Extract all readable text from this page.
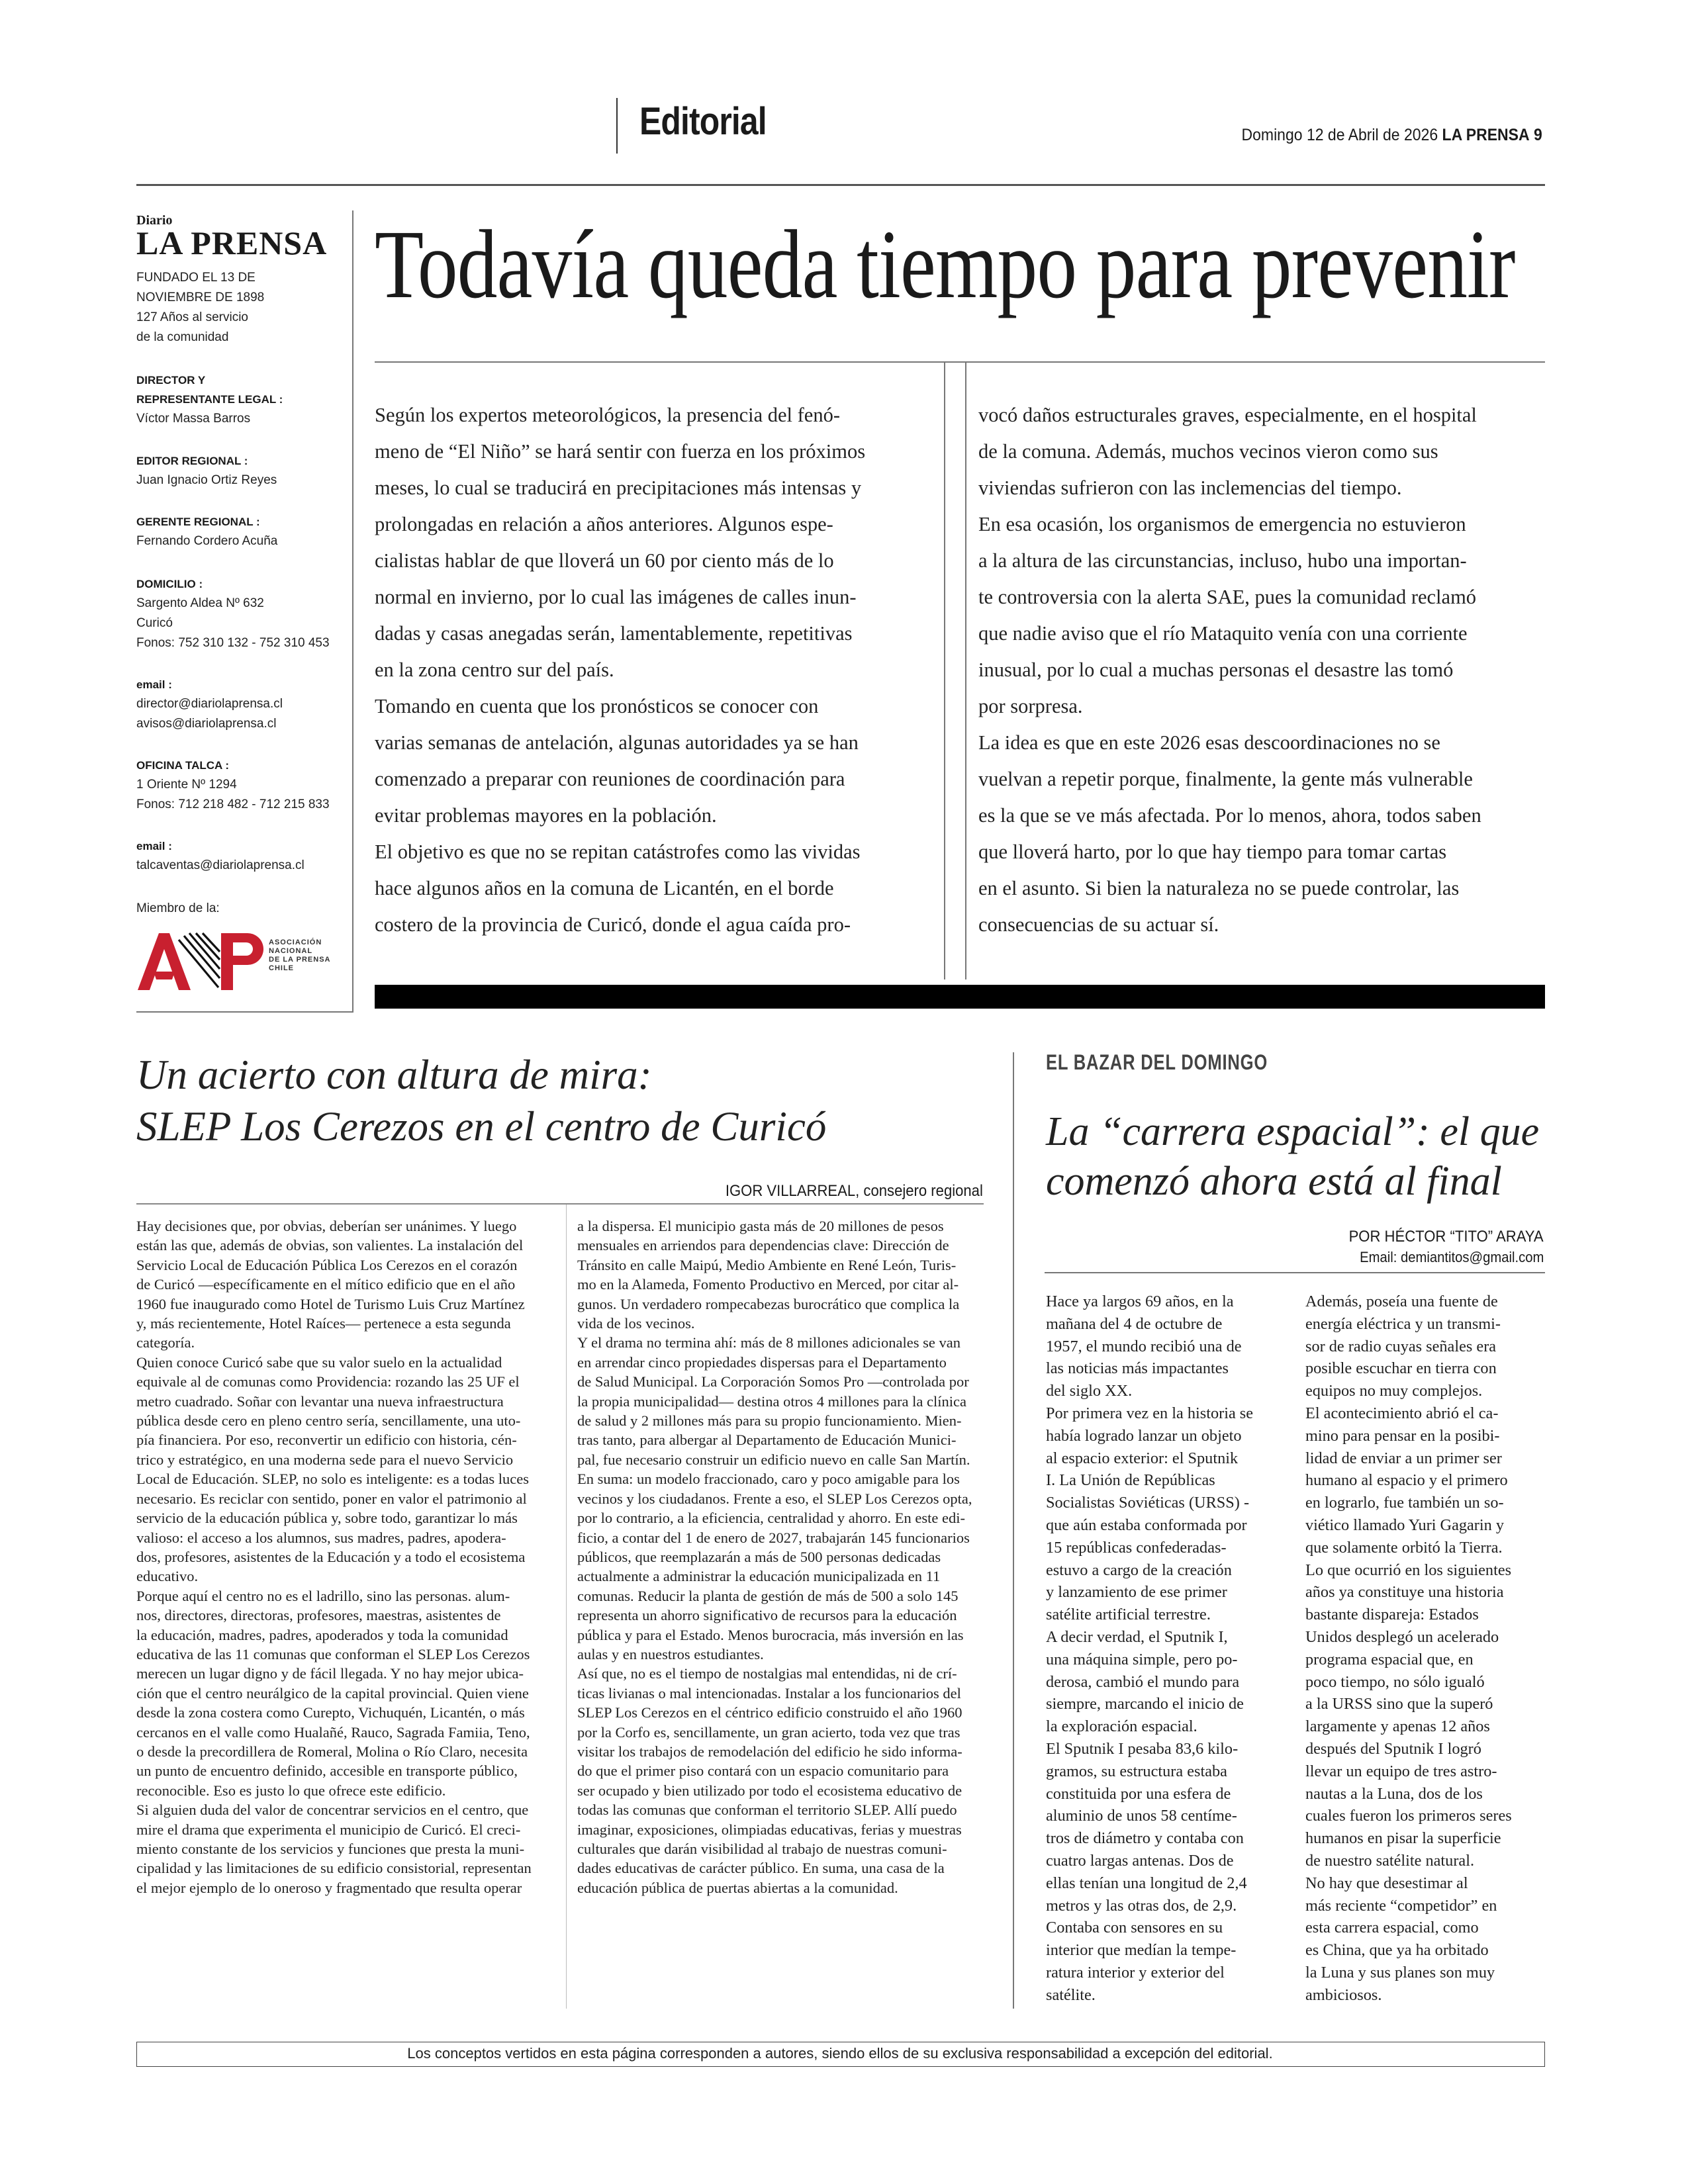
Editorial	Domingo 12 de Abril de 2026 LA PRENSA 9
Diario
LA PRENSA
FUNDADO EL 13 DE
NOVIEMBRE DE 1898
127 Años al servicio
de la comunidad
DIRECTOR Y
REPRESENTANTE LEGAL :
Víctor Massa Barros
EDITOR REGIONAL :
Juan Ignacio Ortiz Reyes
GERENTE REGIONAL :
Fernando Cordero Acuña
DOMICILIO :
Sargento Aldea Nº 632
Curicó
Fonos: 752 310 132 - 752 310 453
email :
director@diariolaprensa.cl
avisos@diariolaprensa.cl
OFICINA TALCA :
1 Oriente Nº 1294
Fonos: 712 218 482 - 712 215 833
email :
talcaventas@diariolaprensa.cl
Miembro de la:
ASOCIACIÓN
NACIONAL
DE LA PRENSA
CHILE
Todavía queda tiempo para prevenir
Según los expertos meteorológicos, la presencia del fenó-
meno de “El Niño” se hará sentir con fuerza en los próximos
meses, lo cual se traducirá en precipitaciones más intensas y
prolongadas en relación a años anteriores. Algunos espe-
cialistas hablar de que lloverá un 60 por ciento más de lo
normal en invierno, por lo cual las imágenes de calles inun-
dadas y casas anegadas serán, lamentablemente, repetitivas
en la zona centro sur del país.
Tomando en cuenta que los pronósticos se conocer con
varias semanas de antelación, algunas autoridades ya se han
comenzado a preparar con reuniones de coordinación para
evitar problemas mayores en la población.
El objetivo es que no se repitan catástrofes como las vividas
hace algunos años en la comuna de Licantén, en el borde
costero de la provincia de Curicó, donde el agua caída pro-
vocó daños estructurales graves, especialmente, en el hospital
de la comuna. Además, muchos vecinos vieron como sus
viviendas sufrieron con las inclemencias del tiempo.
En esa ocasión, los organismos de emergencia no estuvieron
a la altura de las circunstancias, incluso, hubo una importan-
te controversia con la alerta SAE, pues la comunidad reclamó
que nadie aviso que el río Mataquito venía con una corriente
inusual, por lo cual a muchas personas el desastre las tomó
por sorpresa.
La idea es que en este 2026 esas descoordinaciones no se
vuelvan a repetir porque, finalmente, la gente más vulnerable
es la que se ve más afectada. Por lo menos, ahora, todos saben
que lloverá harto, por lo que hay tiempo para tomar cartas
en el asunto. Si bien la naturaleza no se puede controlar, las
consecuencias de su actuar sí.
Un acierto con altura de mira:
SLEP Los Cerezos en el centro de Curicó
IGOR VILLARREAL, consejero regional
Hay decisiones que, por obvias, deberían ser unánimes. Y luego
están las que, además de obvias, son valientes. La instalación del
Servicio Local de Educación Pública Los Cerezos en el corazón
de Curicó —específicamente en el mítico edificio que en el año
1960 fue inaugurado como Hotel de Turismo Luis Cruz Martínez
y, más recientemente, Hotel Raíces— pertenece a esta segunda
categoría.
Quien conoce Curicó sabe que su valor suelo en la actualidad
equivale al de comunas como Providencia: rozando las 25 UF el
metro cuadrado. Soñar con levantar una nueva infraestructura
pública desde cero en pleno centro sería, sencillamente, una uto-
pía financiera. Por eso, reconvertir un edificio con historia, cén-
trico y estratégico, en una moderna sede para el nuevo Servicio
Local de Educación. SLEP, no solo es inteligente: es a todas luces
necesario. Es reciclar con sentido, poner en valor el patrimonio al
servicio de la educación pública y, sobre todo, garantizar lo más
valioso: el acceso a los alumnos, sus madres, padres, apodera-
dos, profesores, asistentes de la Educación y a todo el ecosistema
educativo.
Porque aquí el centro no es el ladrillo, sino las personas. alum-
nos, directores, directoras, profesores, maestras, asistentes de
la educación, madres, padres, apoderados y toda la comunidad
educativa de las 11 comunas que conforman el SLEP Los Cerezos
merecen un lugar digno y de fácil llegada. Y no hay mejor ubica-
ción que el centro neurálgico de la capital provincial. Quien viene
desde la zona costera como Curepto, Vichuquén, Licantén, o más
cercanos en el valle como Hualañé, Rauco, Sagrada Famiia, Teno,
o desde la precordillera de Romeral, Molina o Río Claro, necesita
un punto de encuentro definido, accesible en transporte público,
reconocible. Eso es justo lo que ofrece este edificio.
Si alguien duda del valor de concentrar servicios en el centro, que
mire el drama que experimenta el municipio de Curicó. El creci-
miento constante de los servicios y funciones que presta la muni-
cipalidad y las limitaciones de su edificio consistorial, representan
el mejor ejemplo de lo oneroso y fragmentado que resulta operar
a la dispersa. El municipio gasta más de 20 millones de pesos
mensuales en arriendos para dependencias clave: Dirección de
Tránsito en calle Maipú, Medio Ambiente en René León, Turis-
mo en la Alameda, Fomento Productivo en Merced, por citar al-
gunos. Un verdadero rompecabezas burocrático que complica la
vida de los vecinos.
Y el drama no termina ahí: más de 8 millones adicionales se van
en arrendar cinco propiedades dispersas para el Departamento
de Salud Municipal. La Corporación Somos Pro —controlada por
la propia municipalidad— destina otros 4 millones para la clínica
de salud y 2 millones más para su propio funcionamiento. Mien-
tras tanto, para albergar al Departamento de Educación Munici-
pal, fue necesario construir un edificio nuevo en calle San Martín.
En suma: un modelo fraccionado, caro y poco amigable para los
vecinos y los ciudadanos. Frente a eso, el SLEP Los Cerezos opta,
por lo contrario, a la eficiencia, centralidad y ahorro. En este edi-
ficio, a contar del 1 de enero de 2027, trabajarán 145 funcionarios
públicos, que reemplazarán a más de 500 personas dedicadas
actualmente a administrar la educación municipalizada en 11
comunas. Reducir la planta de gestión de más de 500 a solo 145
representa un ahorro significativo de recursos para la educación
pública y para el Estado. Menos burocracia, más inversión en las
aulas y en nuestros estudiantes.
Así que, no es el tiempo de nostalgias mal entendidas, ni de crí-
ticas livianas o mal intencionadas. Instalar a los funcionarios del
SLEP Los Cerezos en el céntrico edificio construido el año 1960
por la Corfo es, sencillamente, un gran acierto, toda vez que tras
visitar los trabajos de remodelación del edificio he sido informa-
do que el primer piso contará con un espacio comunitario para
ser ocupado y bien utilizado por todo el ecosistema educativo de
todas las comunas que conforman el territorio SLEP. Allí puedo
imaginar, exposiciones, olimpiadas educativas, ferias y muestras
culturales que darán visibilidad al trabajo de nuestras comuni-
dades educativas de carácter público. En suma, una casa de la
educación pública de puertas abiertas a la comunidad.
EL BAZAR DEL DOMINGO
La “carrera espacial”: el que
comenzó ahora está al final
POR HÉCTOR “TITO” ARAYA
Email: demiantitos@gmail.com
Hace ya largos 69 años, en la
mañana del 4 de octubre de
1957, el mundo recibió una de
las noticias más impactantes
del siglo XX.
Por primera vez en la historia se
había logrado lanzar un objeto
al espacio exterior: el Sputnik
I. La Unión de Repúblicas
Socialistas Soviéticas (URSS) -
que aún estaba conformada por
15 repúblicas confederadas-
estuvo a cargo de la creación
y lanzamiento de ese primer
satélite artificial terrestre.
A decir verdad, el Sputnik I,
una máquina simple, pero po-
derosa, cambió el mundo para
siempre, marcando el inicio de
la exploración espacial.
El Sputnik I pesaba 83,6 kilo-
gramos, su estructura estaba
constituida por una esfera de
aluminio de unos 58 centíme-
tros de diámetro y contaba con
cuatro largas antenas. Dos de
ellas tenían una longitud de 2,4
metros y las otras dos, de 2,9.
Contaba con sensores en su
interior que medían la tempe-
ratura interior y exterior del
satélite.
Además, poseía una fuente de
energía eléctrica y un transmi-
sor de radio cuyas señales era
posible escuchar en tierra con
equipos no muy complejos.
El acontecimiento abrió el ca-
mino para pensar en la posibi-
lidad de enviar a un primer ser
humano al espacio y el primero
en lograrlo, fue también un so-
viético llamado Yuri Gagarin y
que solamente orbitó la Tierra.
Lo que ocurrió en los siguientes
años ya constituye una historia
bastante dispareja: Estados
Unidos desplegó un acelerado
programa espacial que, en
poco tiempo, no sólo igualó
a la URSS sino que la superó
largamente y apenas 12 años
después del Sputnik I logró
llevar un equipo de tres astro-
nautas a la Luna, dos de los
cuales fueron los primeros seres
humanos en pisar la superficie
de nuestro satélite natural.
No hay que desestimar al
más reciente “competidor” en
esta carrera espacial, como
es China, que ya ha orbitado
la Luna y sus planes son muy
ambiciosos.
Los conceptos vertidos en esta página corresponden a autores, siendo ellos de su exclusiva responsabilidad a excepción del editorial.
